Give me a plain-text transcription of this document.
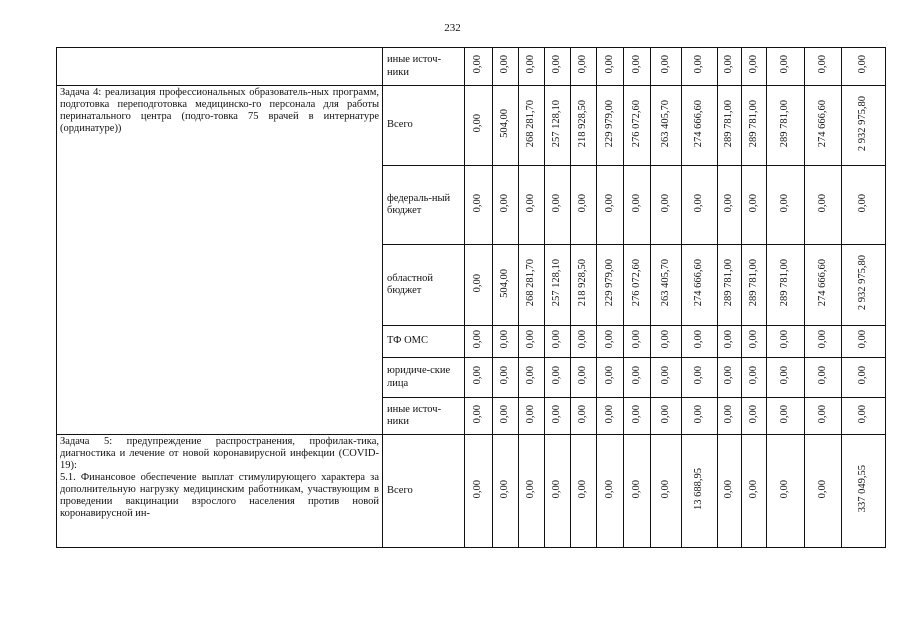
232
	иные источ-ники	0,00	0,00	0,00	0,00	0,00	0,00	0,00	0,00	0,00	0,00	0,00	0,00	0,00	0,00

Задача 4: реализация профессиональных образователь-ных программ, подготовка переподготовка медицинско-го персонала для работы перинатального центра (подго-товка 75 врачей в интернатуре (ординатуре))	Всего	0,00	504,00	268 281,70	257 128,10	218 928,50	229 979,00	276 072,60	263 405,70	274 666,60	289 781,00	289 781,00	289 781,00	274 666,60	2 932 975,80
	федераль-ный бюджет	0,00	0,00	0,00	0,00	0,00	0,00	0,00	0,00	0,00	0,00	0,00	0,00	0,00	0,00
	областной бюджет	0,00	504,00	268 281,70	257 128,10	218 928,50	229 979,00	276 072,60	263 405,70	274 666,60	289 781,00	289 781,00	289 781,00	274 666,60	2 932 975,80
	ТФ ОМС	0,00	0,00	0,00	0,00	0,00	0,00	0,00	0,00	0,00	0,00	0,00	0,00	0,00	0,00
	юридиче-ские лица	0,00	0,00	0,00	0,00	0,00	0,00	0,00	0,00	0,00	0,00	0,00	0,00	0,00	0,00
	иные источ-ники	0,00	0,00	0,00	0,00	0,00	0,00	0,00	0,00	0,00	0,00	0,00	0,00	0,00	0,00

Задача 5: предупреждение распространения, профилак-тика, диагностика и лечение от новой коронавирусной инфекции (COVID-19):
5.1. Финансовое обеспечение выплат стимулирующего характера за дополнительную нагрузку медицинским работникам, участвующим в проведении вакцинации взрослого населения против новой коронавирусной ин-	Всего	0,00	0,00	0,00	0,00	0,00	0,00	0,00	0,00	13 688,95	0,00	0,00	0,00	0,00	337 049,55
